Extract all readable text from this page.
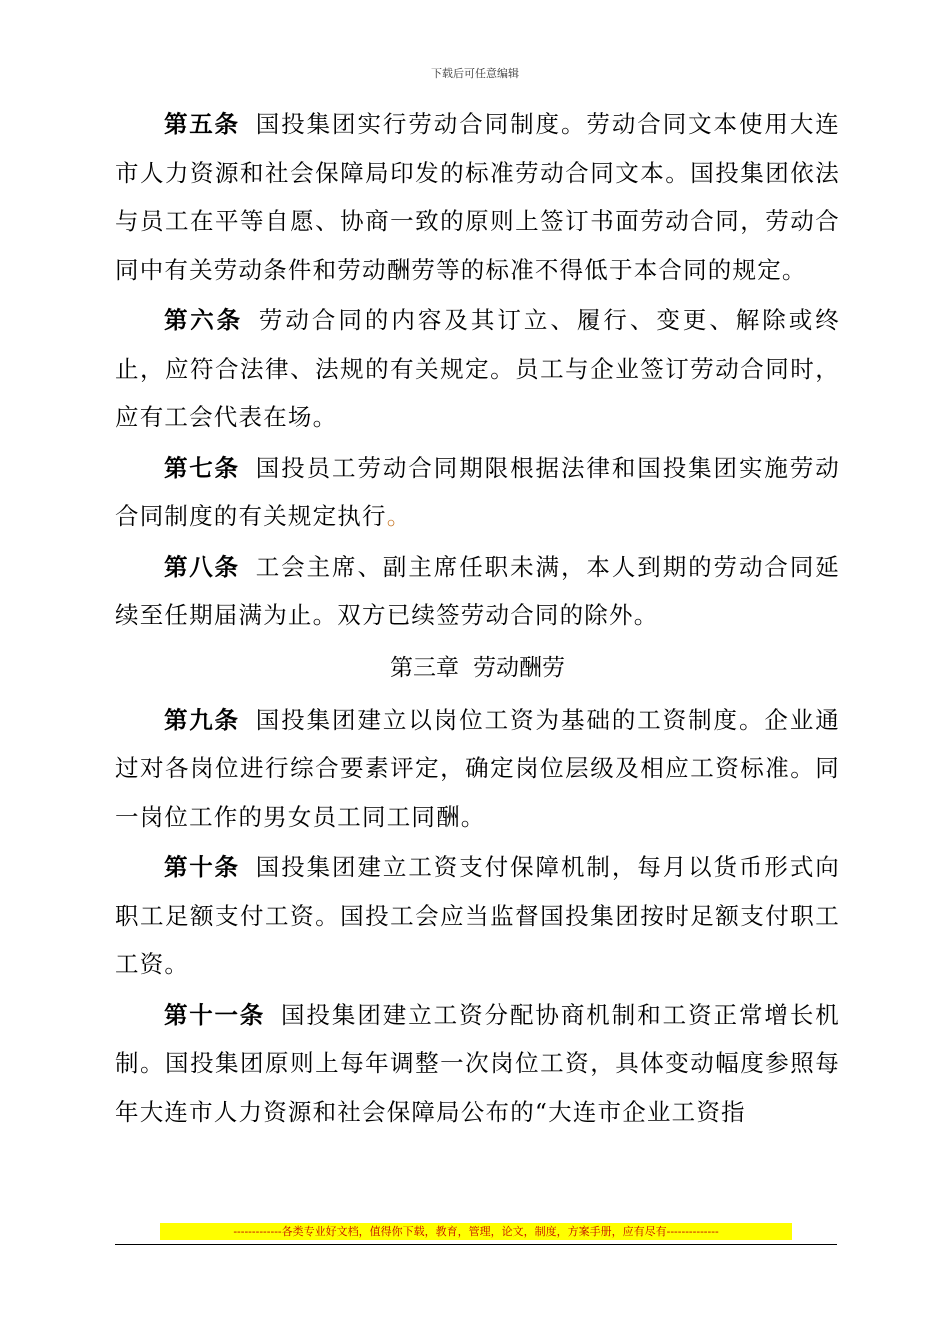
下载后可任意编辑

第五条 国投集团实行劳动合同制度。劳动合同文本使用大连市人力资源和社会保障局印发的标准劳动合同文本。国投集团依法与员工在平等自愿、协商一致的原则上签订书面劳动合同，劳动合同中有关劳动条件和劳动酬劳等的标准不得低于本合同的规定。

第六条 劳动合同的内容及其订立、履行、变更、解除或终止，应符合法律、法规的有关规定。员工与企业签订劳动合同时，应有工会代表在场。

第七条 国投员工劳动合同期限根据法律和国投集团实施劳动合同制度的有关规定执行。

第八条 工会主席、副主席任职未满，本人到期的劳动合同延续至任期届满为止。双方已续签劳动合同的除外。

第三章 劳动酬劳

第九条 国投集团建立以岗位工资为基础的工资制度。企业通过对各岗位进行综合要素评定，确定岗位层级及相应工资标准。同一岗位工作的男女员工同工同酬。

第十条 国投集团建立工资支付保障机制，每月以货币形式向职工足额支付工资。国投工会应当监督国投集团按时足额支付职工工资。

第十一条 国投集团建立工资分配协商机制和工资正常增长机制。国投集团原则上每年调整一次岗位工资，具体变动幅度参照每年大连市人力资源和社会保障局公布的“大连市企业工资指

-------------各类专业好文档，值得你下载，教育，管理，论文，制度，方案手册，应有尽有--------------
